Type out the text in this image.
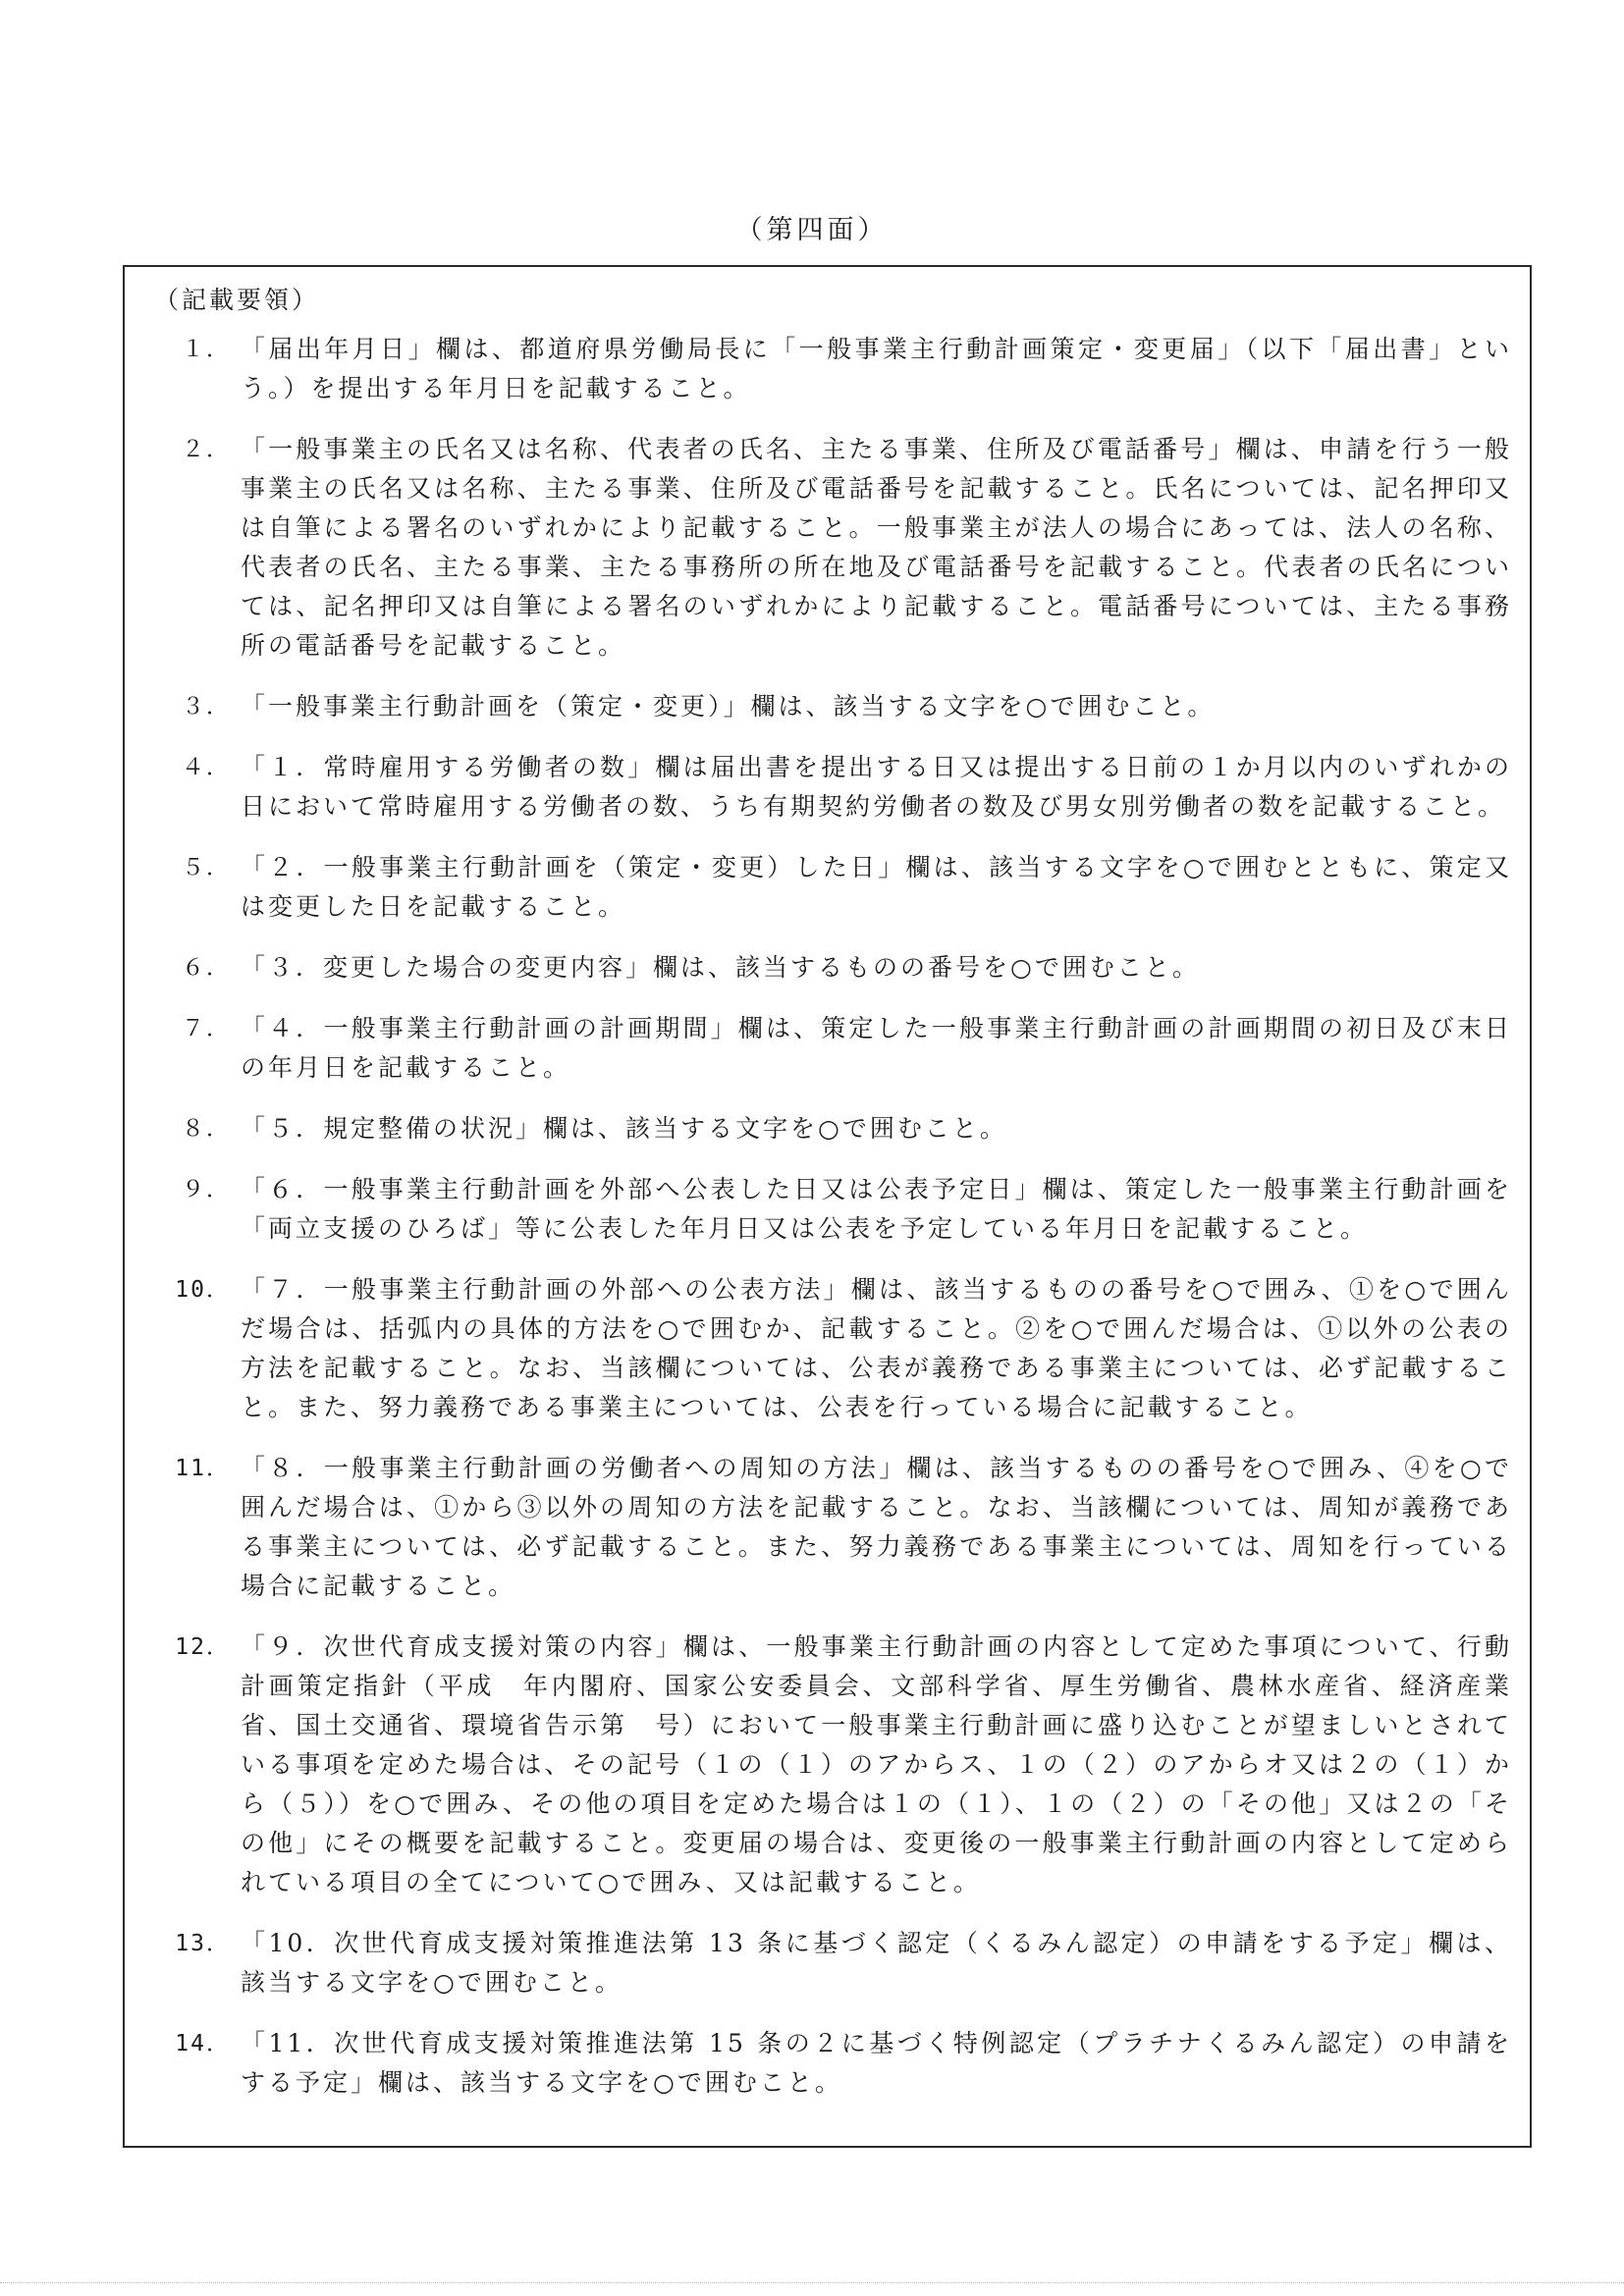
（第四面）
（記載要領）
１． 「届出年月日」欄は、都道府県労働局長に「一般事業主行動計画策定・変更届」（以下「届出書」という。）を提出する年月日を記載すること。
２． 「一般事業主の氏名又は名称、代表者の氏名、主たる事業、住所及び電話番号」欄は、申請を行う一般事業主の氏名又は名称、主たる事業、住所及び電話番号を記載すること。氏名については、記名押印又は自筆による署名のいずれかにより記載すること。一般事業主が法人の場合にあっては、法人の名称、代表者の氏名、主たる事業、主たる事務所の所在地及び電話番号を記載すること。代表者の氏名については、記名押印又は自筆による署名のいずれかにより記載すること。電話番号については、主たる事務所の電話番号を記載すること。
３． 「一般事業主行動計画を（策定・変更）」欄は、該当する文字を○で囲むこと。
４． 「１．常時雇用する労働者の数」欄は届出書を提出する日又は提出する日前の１か月以内のいずれかの日において常時雇用する労働者の数、うち有期契約労働者の数及び男女別労働者の数を記載すること。
５． 「２．一般事業主行動計画を（策定・変更）した日」欄は、該当する文字を○で囲むとともに、策定又は変更した日を記載すること。
６． 「３．変更した場合の変更内容」欄は、該当するものの番号を○で囲むこと。
７． 「４．一般事業主行動計画の計画期間」欄は、策定した一般事業主行動計画の計画期間の初日及び末日の年月日を記載すること。
８． 「５．規定整備の状況」欄は、該当する文字を○で囲むこと。
９． 「６．一般事業主行動計画を外部へ公表した日又は公表予定日」欄は、策定した一般事業主行動計画を「両立支援のひろば」等に公表した年月日又は公表を予定している年月日を記載すること。
10． 「７．一般事業主行動計画の外部への公表方法」欄は、該当するものの番号を○で囲み、①を○で囲んだ場合は、括弧内の具体的方法を○で囲むか、記載すること。②を○で囲んだ場合は、①以外の公表の方法を記載すること。なお、当該欄については、公表が義務である事業主については、必ず記載すること。また、努力義務である事業主については、公表を行っている場合に記載すること。
11． 「８．一般事業主行動計画の労働者への周知の方法」欄は、該当するものの番号を○で囲み、④を○で囲んだ場合は、①から③以外の周知の方法を記載すること。なお、当該欄については、周知が義務である事業主については、必ず記載すること。また、努力義務である事業主については、周知を行っている場合に記載すること。
12． 「９．次世代育成支援対策の内容」欄は、一般事業主行動計画の内容として定めた事項について、行動計画策定指針（平成　年内閣府、国家公安委員会、文部科学省、厚生労働省、農林水産省、経済産業省、国土交通省、環境省告示第　号）において一般事業主行動計画に盛り込むことが望ましいとされている事項を定めた場合は、その記号（１の（１）のアからス、１の（２）のアからオ又は２の（１）から（５））を○で囲み、その他の項目を定めた場合は１の（１）、１の（２）の「その他」又は２の「その他」にその概要を記載すること。変更届の場合は、変更後の一般事業主行動計画の内容として定められている項目の全てについて○で囲み、又は記載すること。
13． 「10．次世代育成支援対策推進法第 13 条に基づく認定（くるみん認定）の申請をする予定」欄は、該当する文字を○で囲むこと。
14． 「11．次世代育成支援対策推進法第 15 条の２に基づく特例認定（プラチナくるみん認定）の申請をする予定」欄は、該当する文字を○で囲むこと。
